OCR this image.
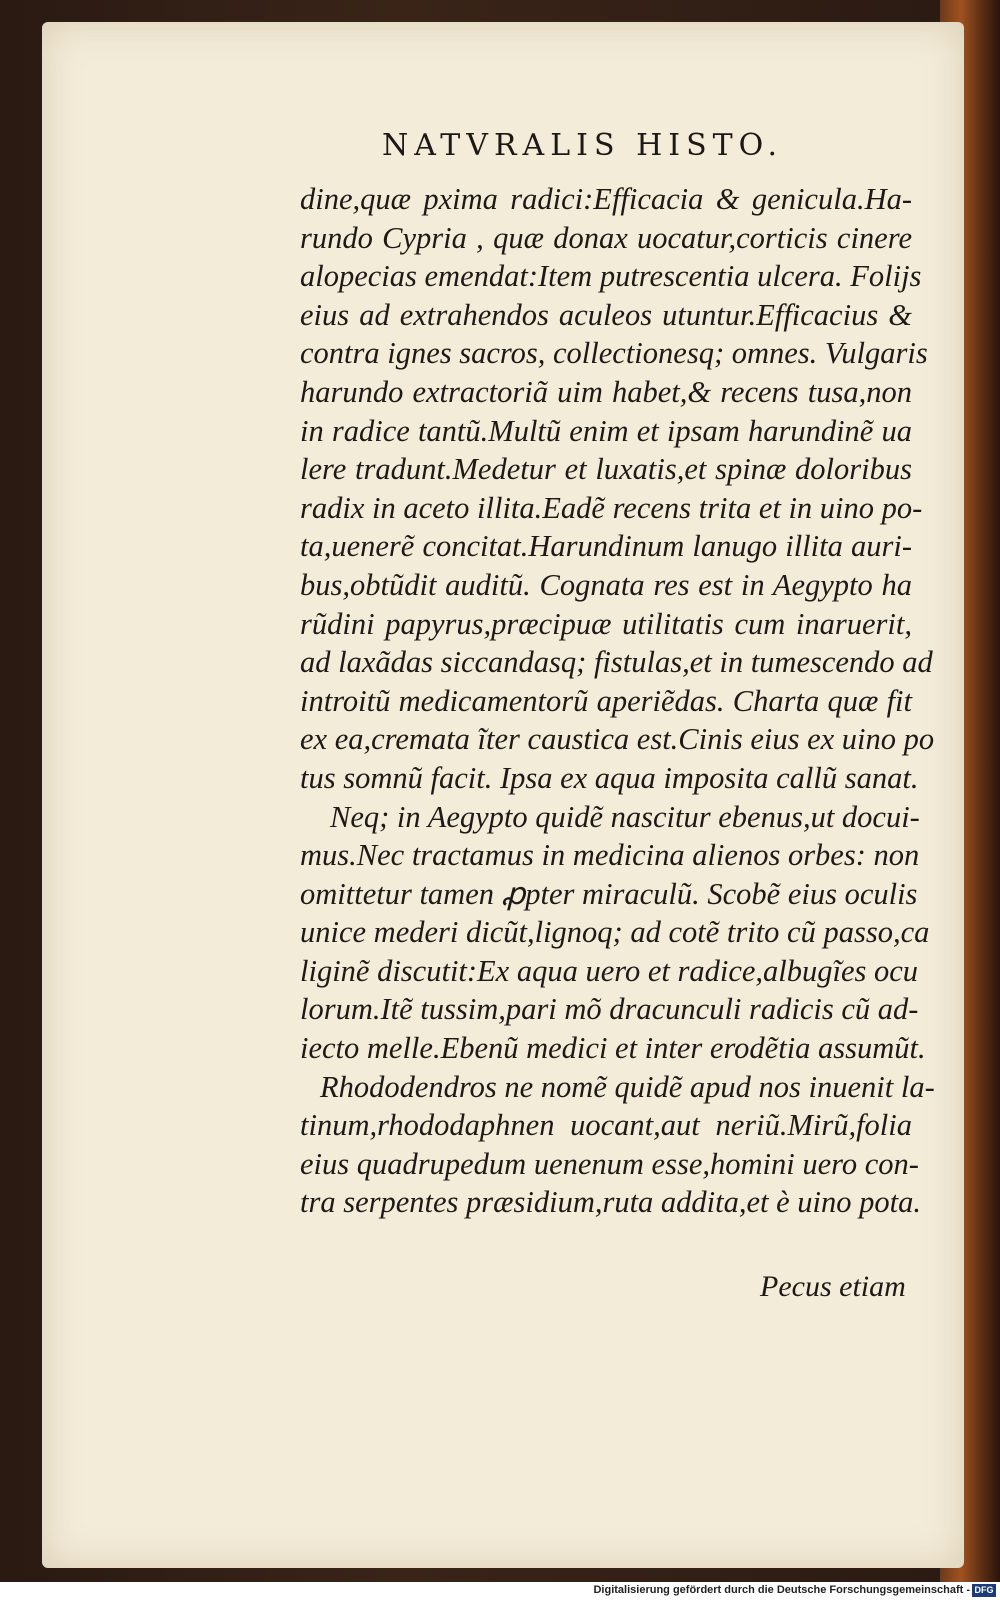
NATVRALIS HISTO.
dine,quæ pxima radici:Efficacia & genicula.Ha-
rundo Cypria , quæ donax uocatur,corticis cinere
alopecias emendat:Item putrescentia ulcera. Folijs
eius ad extrahendos aculeos utuntur.Efficacius &
contra ignes sacros, collectionesq; omnes. Vulgaris
harundo extractoriã uim habet,& recens tusa,non
in radice tantũ.Multũ enim et ipsam harundinẽ ua
lere tradunt.Medetur et luxatis,et spinæ doloribus
radix in aceto illita.Eadẽ recens trita et in uino po-
ta,uenerẽ concitat.Harundinum lanugo illita auri-
bus,obtũdit auditũ. Cognata res est in Aegypto ha
rũdini papyrus,præcipuæ utilitatis cum inaruerit,
ad laxãdas siccandasq; fistulas,et in tumescendo ad
introitũ medicamentorũ aperiẽdas. Charta quæ fit
ex ea,cremata ĩter caustica est.Cinis eius ex uino po
tus somnũ facit. Ipsa ex aqua imposita callũ sanat.
Neq; in Aegypto quidẽ nascitur ebenus,ut docui-
mus.Nec tractamus in medicina alienos orbes: non
omittetur tamen ꝓpter miraculũ. Scobẽ eius oculis
unice mederi dicũt,lignoq; ad cotẽ trito cũ passo,ca
liginẽ discutit:Ex aqua uero et radice,albugĩes ocu
lorum.Itẽ tussim,pari mõ dracunculi radicis cũ ad-
iecto melle.Ebenũ medici et inter erodẽtia assumũt.
Rhododendros ne nomẽ quidẽ apud nos inuenit la-
tinum,rhododaphnen uocant,aut neriũ.Mirũ,folia
eius quadrupedum uenenum esse,homini uero con-
tra serpentes præsidium,ruta addita,et è uino pota.
Pecus etiam
Digitalisierung gefördert durch die Deutsche Forschungsgemeinschaft - DFG
